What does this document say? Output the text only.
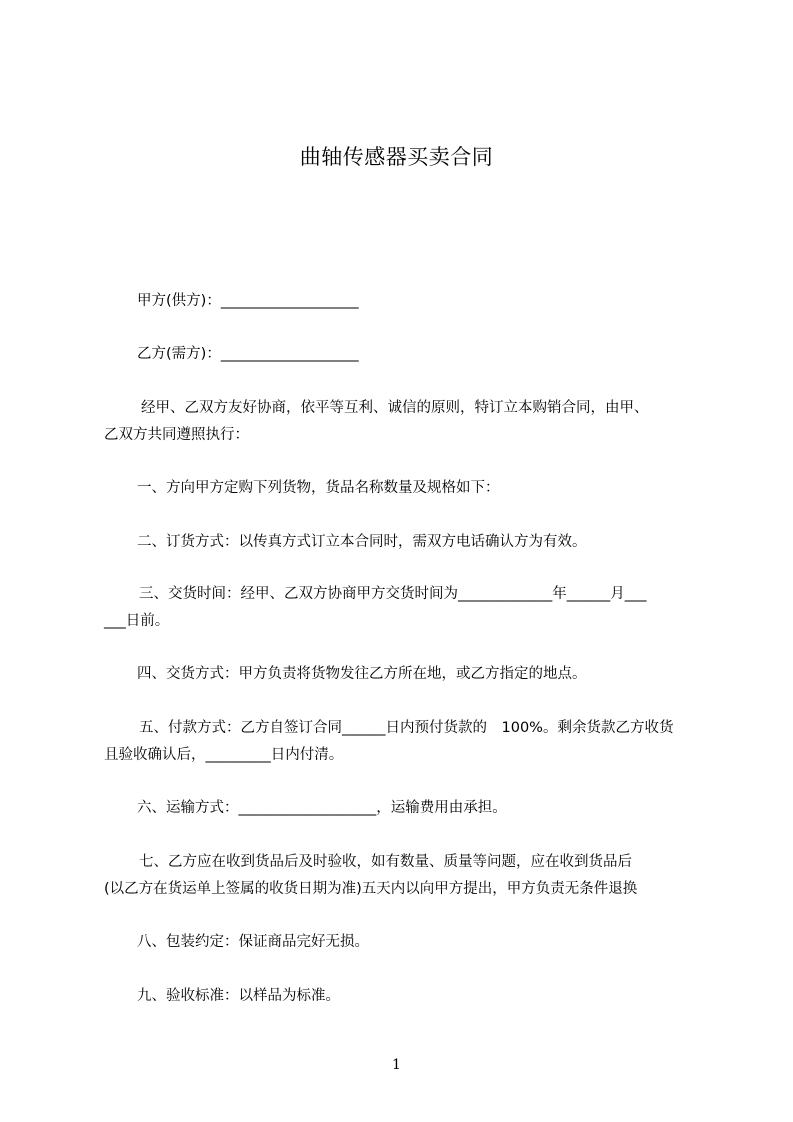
曲轴传感器买卖合同
甲方(供方)：___________________
乙方(需方)：___________________
经甲、乙双方友好协商，依平等互利、诚信的原则，特订立本购销合同，由甲、
乙双方共同遵照执行：
一、方向甲方定购下列货物，货品名称数量及规格如下：
二、订货方式：以传真方式订立本合同时，需双方电话确认方为有效。
三、交货时间：经甲、乙双方协商甲方交货时间为_____________年______月___
___日前。
四、交货方式：甲方负责将货物发往乙方所在地，或乙方指定的地点。
五、付款方式：乙方自签订合同______日内预付货款的　100%。剩余货款乙方收货
且验收确认后，_________日内付清。
六、运输方式：___________________，运输费用由承担。
七、乙方应在收到货品后及时验收，如有数量、质量等问题，应在收到货品后
(以乙方在货运单上签属的收货日期为准)五天内以向甲方提出，甲方负责无条件退换
八、包装约定：保证商品完好无损。
九、验收标准：以样品为标准。
1
